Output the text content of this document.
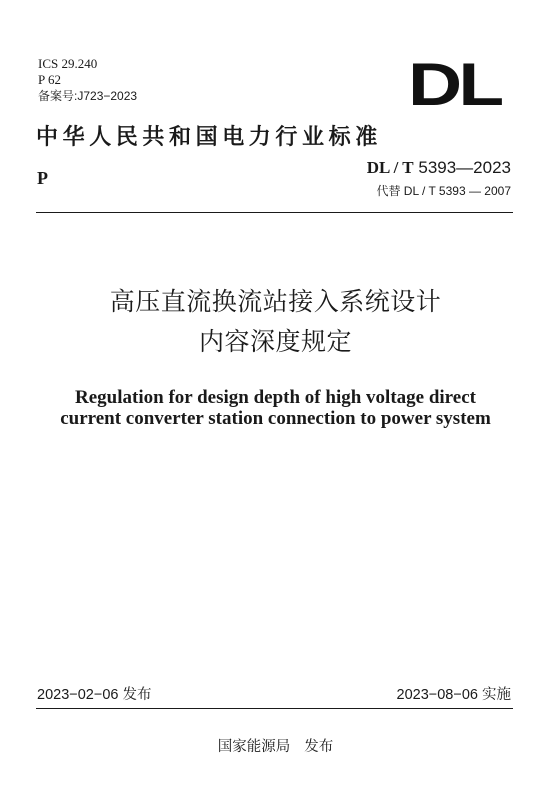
ICS 29.240
P 62
备案号:J723−2023	DL
中华人民共和国电力行业标准
P
DL / T 5393—2023
代替 DL / T 5393 — 2007
高压直流换流站接入系统设计
内容深度规定
Regulation for design depth of high voltage direct
current converter station connection to power system
2023−02−06 发布	2023−08−06 实施
国家能源局 发布
